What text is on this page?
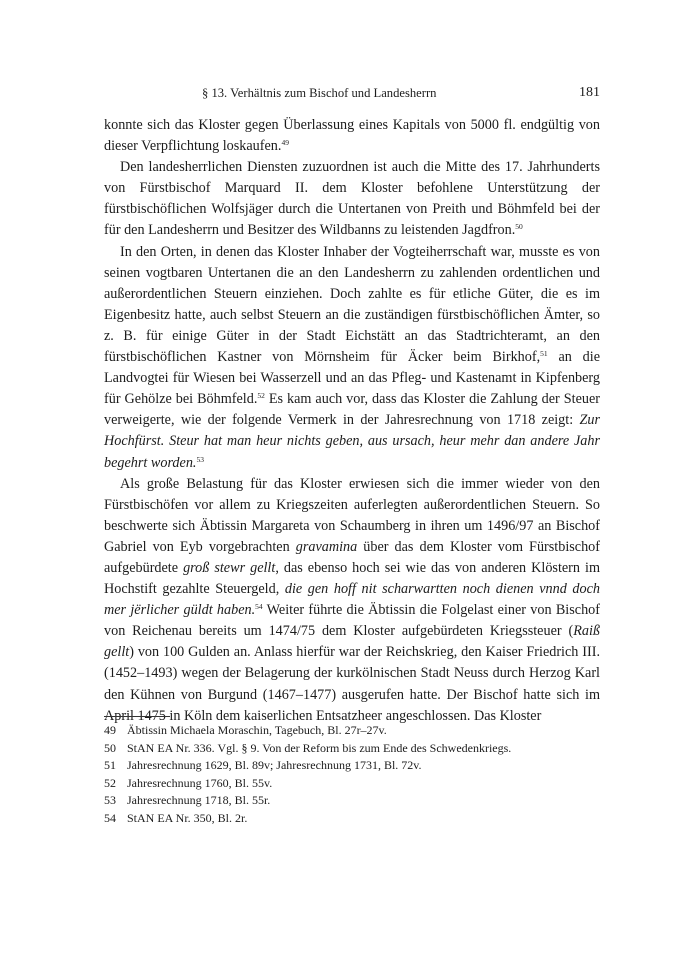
§ 13. Verhältnis zum Bischof und Landesherrn	181

konnte sich das Kloster gegen Überlassung eines Kapitals von 5000 fl. endgültig von dieser Verpflichtung loskaufen.$^{49}$

Den landesherrlichen Diensten zuzuordnen ist auch die Mitte des 17. Jahrhunderts von Fürstbischof Marquard II. dem Kloster befohlene Unterstützung der fürstbischöflichen Wolfsjäger durch die Untertanen von Preith und Böhmfeld bei der für den Landesherrn und Besitzer des Wildbanns zu leistenden Jagdfron.$^{50}$

In den Orten, in denen das Kloster Inhaber der Vogteiherrschaft war, musste es von seinen vogtbaren Untertanen die an den Landesherrn zu zahlenden ordentlichen und außerordentlichen Steuern einziehen. Doch zahlte es für etliche Güter, die es im Eigenbesitz hatte, auch selbst Steuern an die zuständigen fürstbischöflichen Ämter, so z. B. für einige Güter in der Stadt Eichstätt an das Stadtrichteramt, an den fürstbischöflichen Kastner von Mörnsheim für Äcker beim Birkhof,$^{51}$ an die Landvogtei für Wiesen bei Wasserzell und an das Pfleg- und Kastenamt in Kipfenberg für Gehölze bei Böhmfeld.$^{52}$ Es kam auch vor, dass das Kloster die Zahlung der Steuer verweigerte, wie der folgende Vermerk in der Jahresrechnung von 1718 zeigt: Zur Hochfürst. Steur hat man heur nichts geben, aus ursach, heur mehr dan andere Jahr begehrt worden.$^{53}$

Als große Belastung für das Kloster erwiesen sich die immer wieder von den Fürstbischöfen vor allem zu Kriegszeiten auferlegten außerordentlichen Steuern. So beschwerte sich Äbtissin Margareta von Schaumberg in ihren um 1496/97 an Bischof Gabriel von Eyb vorgebrachten gravamina über das dem Kloster vom Fürstbischof aufgebürdete groß stewr gellt, das ebenso hoch sei wie das von anderen Klöstern im Hochstift gezahlte Steuergeld, die gen hoff nit scharwartten noch dienen vnnd doch mer jërlicher güldt haben.$^{54}$ Weiter führte die Äbtissin die Folgelast einer von Bischof von Reichenau bereits um 1474/75 dem Kloster aufgebürdeten Kriegssteuer (Raiß gellt) von 100 Gulden an. Anlass hierfür war der Reichskrieg, den Kaiser Friedrich III. (1452–1493) wegen der Belagerung der kurkölnischen Stadt Neuss durch Herzog Karl den Kühnen von Burgund (1467–1477) ausgerufen hatte. Der Bischof hatte sich im April 1475 in Köln dem kaiserlichen Entsatzheer angeschlossen. Das Kloster

49 Äbtissin Michaela Moraschin, Tagebuch, Bl. 27r–27v.
50 StAN EA Nr. 336. Vgl. § 9. Von der Reform bis zum Ende des Schwedenkriegs.
51 Jahresrechnung 1629, Bl. 89v; Jahresrechnung 1731, Bl. 72v.
52 Jahresrechnung 1760, Bl. 55v.
53 Jahresrechnung 1718, Bl. 55r.
54 StAN EA Nr. 350, Bl. 2r.
